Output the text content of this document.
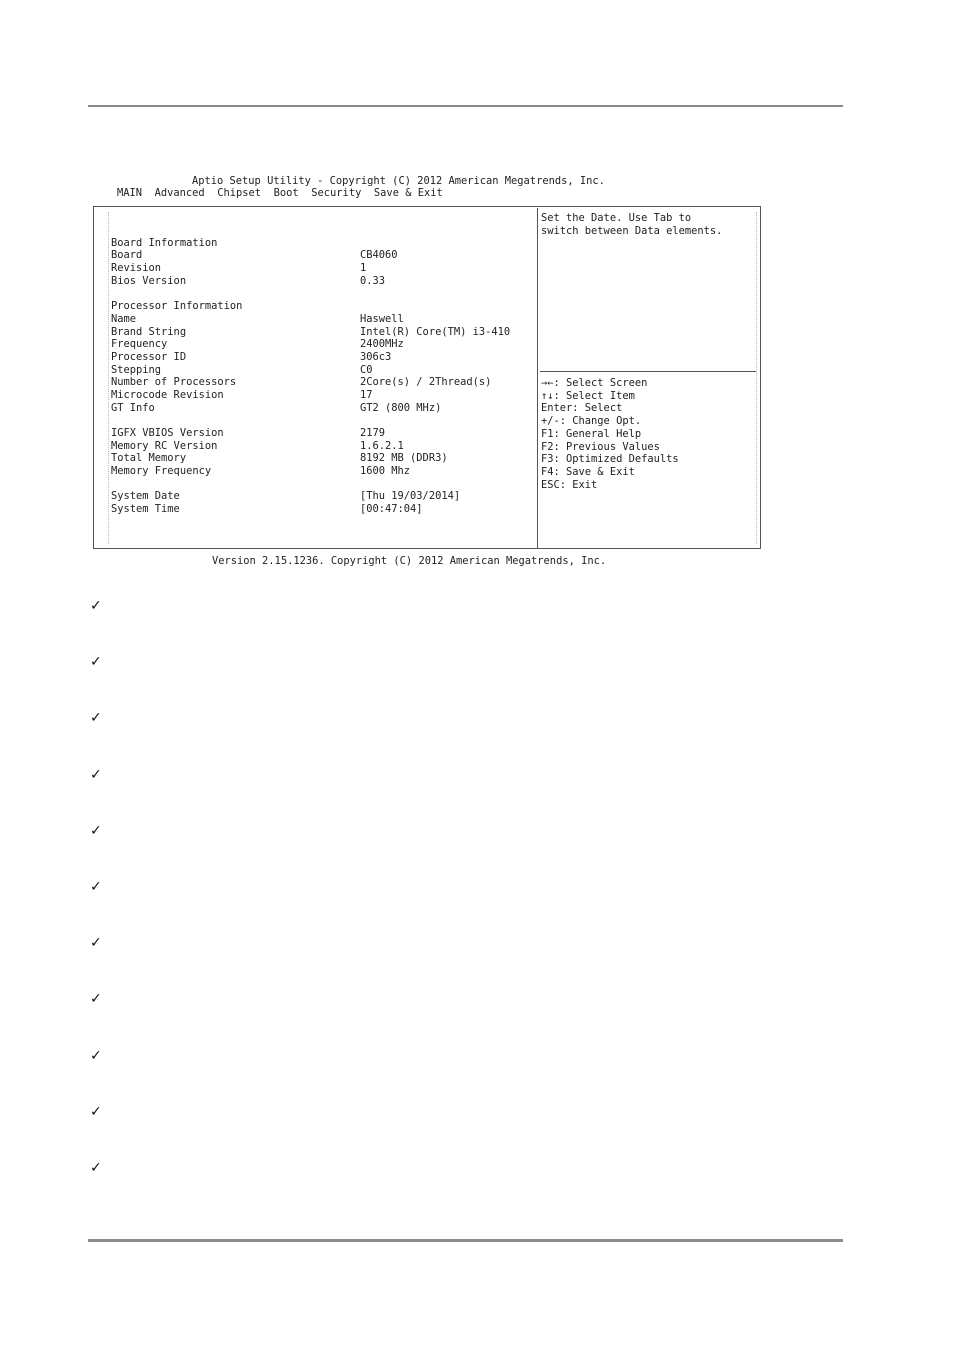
Aptio Setup Utility - Copyright (C) 2012 American Megatrends, Inc.
MAIN Advanced Chipset Boot Security Save & Exit
Board Information
Board	CB4060
Revision	1
Bios Version	0.33
Processor Information
Name	Haswell
Brand String	Intel(R) Core(TM) i3-410
Frequency	2400MHz
Processor ID	306c3
Stepping	C0
Number of Processors	2Core(s) / 2Thread(s)
Microcode Revision	17
GT Info	GT2 (800 MHz)
IGFX VBIOS Version	2179
Memory RC Version	1.6.2.1
Total Memory	8192 MB (DDR3)
Memory Frequency	1600 Mhz
System Date	[Thu 19/03/2014]
System Time	[00:47:04]
Set the Date. Use Tab to
switch between Data elements.
→←: Select Screen
↑↓: Select Item
Enter: Select
+/-: Change Opt.
F1: General Help
F2: Previous Values
F3: Optimized Defaults
F4: Save & Exit
ESC: Exit
Version 2.15.1236. Copyright (C) 2012 American Megatrends, Inc.
✓
✓
✓
✓
✓
✓
✓
✓
✓
✓
✓
